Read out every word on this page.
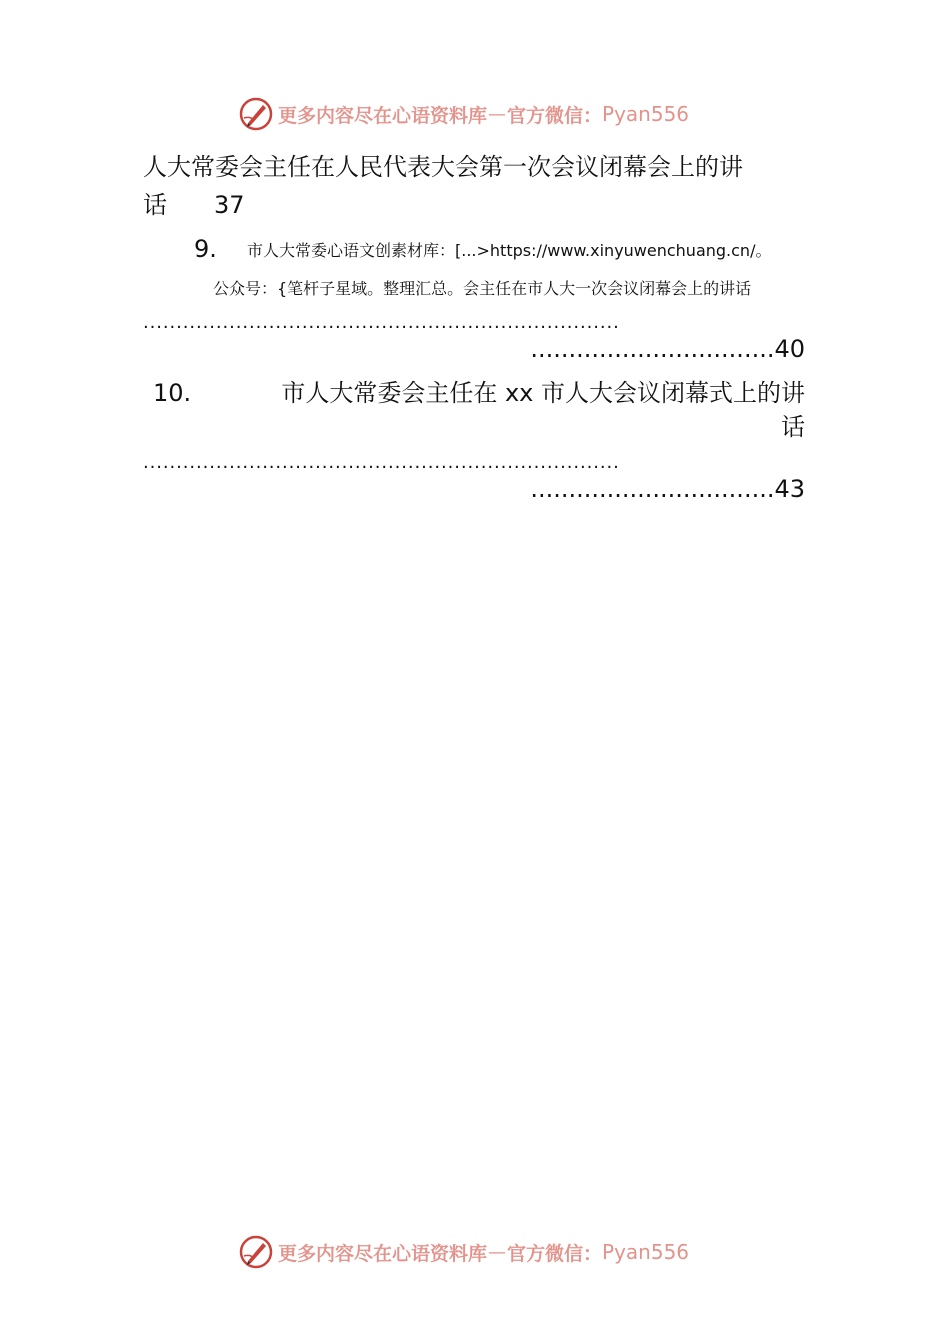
更多内容尽在心语资料库 — 官方微信： Pyan556
人大常委会主任在人民代表大会第一次会议闭幕会上的讲
话 37
9. 市人大常委心语文创素材库：[...>https://www.xinyuwenchuang.cn/。
公众号：{笔杆子星域。整理汇总。会主任在市人大一次会议闭幕会上的讲话
........................................................................
................................40
10.	市人大常委会主任在 xx 市人大会议闭幕式上的讲
话
........................................................................
................................43
更多内容尽在心语资料库 — 官方微信： Pyan556
